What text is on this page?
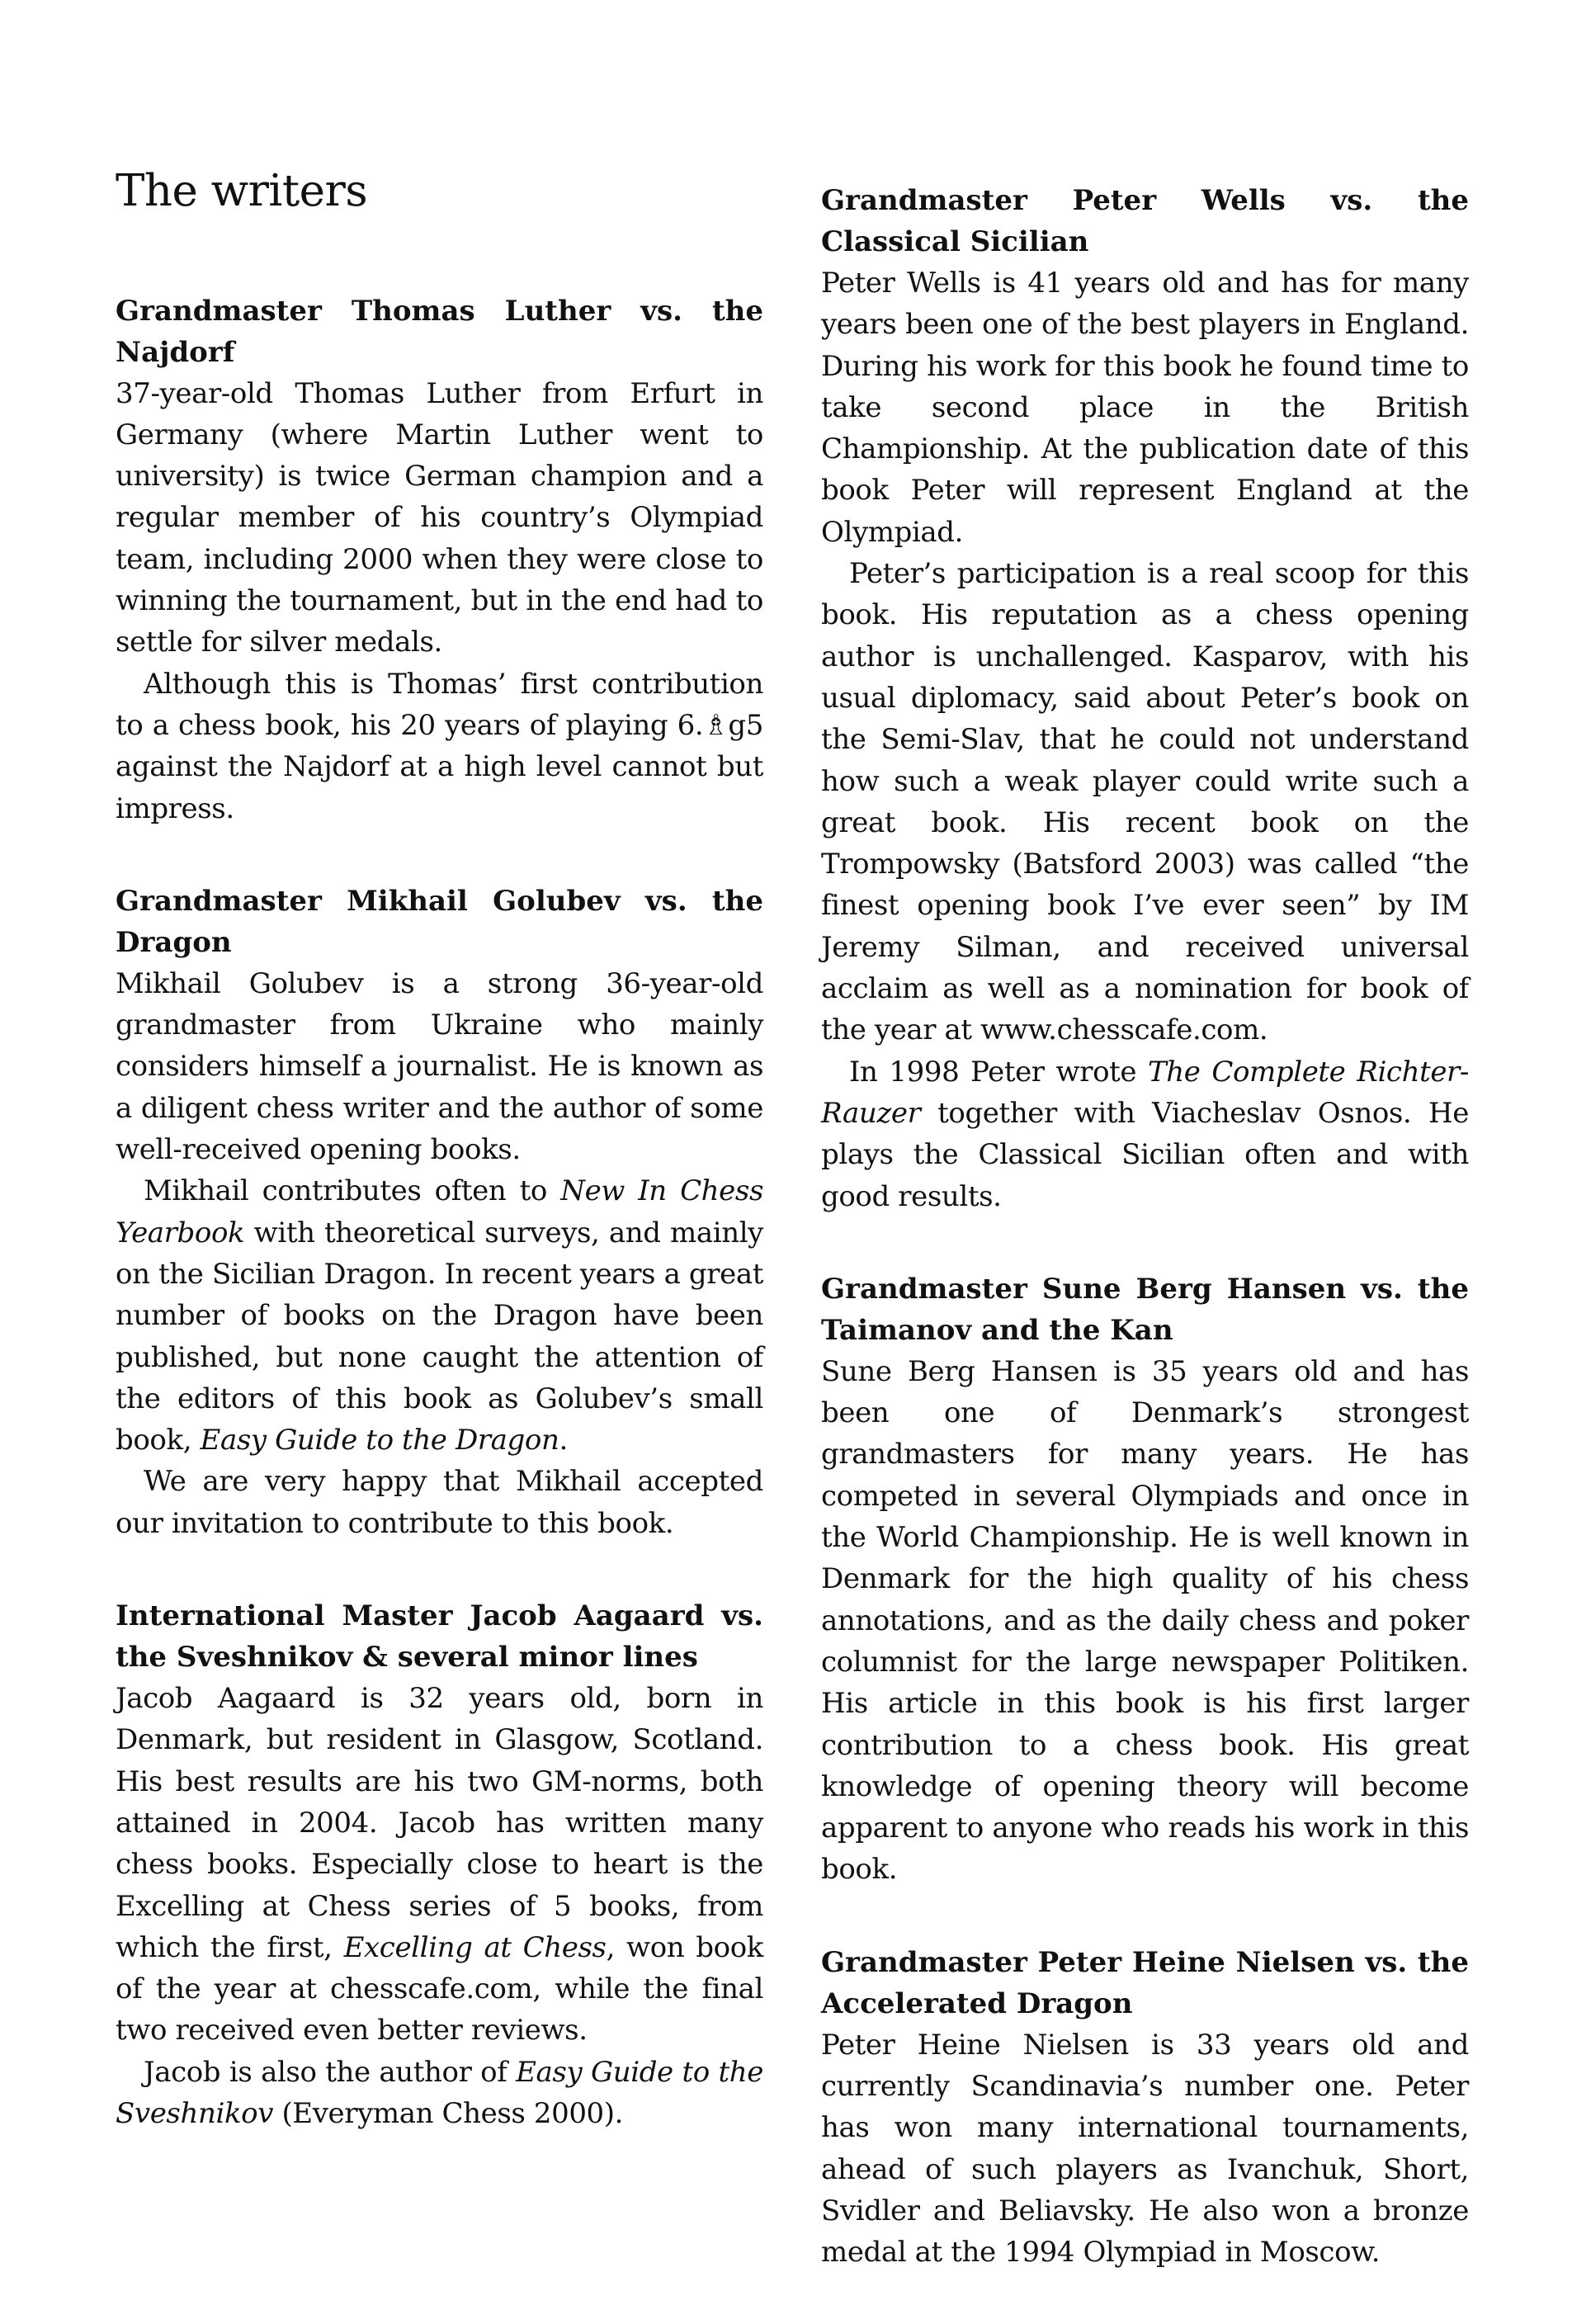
The writers
Grandmaster Thomas Luther vs. the Najdorf

37-year-old Thomas Luther from Erfurt in Germany (where Martin Luther went to university) is twice German champion and a regular member of his country’s Olympiad team, including 2000 when they were close to winning the tournament, but in the end had to settle for silver medals.

Although this is Thomas’ first contribution to a chess book, his 20 years of playing 6.♗g5 against the Najdorf at a high level cannot but impress.

Grandmaster Mikhail Golubev vs. the Dragon

Mikhail Golubev is a strong 36-year-old grandmaster from Ukraine who mainly considers himself a journalist. He is known as a diligent chess writer and the author of some well-received opening books.

Mikhail contributes often to New In Chess Yearbook with theoretical surveys, and mainly on the Sicilian Dragon. In recent years a great number of books on the Dragon have been published, but none caught the attention of the editors of this book as Golubev’s small book, Easy Guide to the Dragon.

We are very happy that Mikhail accepted our invitation to contribute to this book.

International Master Jacob Aagaard vs. the Sveshnikov & several minor lines

Jacob Aagaard is 32 years old, born in Denmark, but resident in Glasgow, Scotland. His best results are his two GM-norms, both attained in 2004. Jacob has written many chess books. Especially close to heart is the Excelling at Chess series of 5 books, from which the first, Excelling at Chess, won book of the year at chesscafe.com, while the final two received even better reviews.

Jacob is also the author of Easy Guide to the Sveshnikov (Everyman Chess 2000).

Grandmaster Peter Wells vs. the Classical Sicilian

Peter Wells is 41 years old and has for many years been one of the best players in England. During his work for this book he found time to take second place in the British Championship. At the publication date of this book Peter will represent England at the Olympiad.

Peter’s participation is a real scoop for this book. His reputation as a chess opening author is unchallenged. Kasparov, with his usual diplomacy, said about Peter’s book on the Semi-Slav, that he could not understand how such a weak player could write such a great book. His recent book on the Trompowsky (Batsford 2003) was called “the finest opening book I’ve ever seen” by IM Jeremy Silman, and received universal acclaim as well as a nomination for book of the year at www.chesscafe.com.

In 1998 Peter wrote The Complete Richter-Rauzer together with Viacheslav Osnos. He plays the Classical Sicilian often and with good results.

Grandmaster Sune Berg Hansen vs. the Taimanov and the Kan

Sune Berg Hansen is 35 years old and has been one of Denmark’s strongest grandmasters for many years. He has competed in several Olympiads and once in the World Championship. He is well known in Denmark for the high quality of his chess annotations, and as the daily chess and poker columnist for the large newspaper Politiken. His article in this book is his first larger contribution to a chess book. His great knowledge of opening theory will become apparent to anyone who reads his work in this book.

Grandmaster Peter Heine Nielsen vs. the Accelerated Dragon

Peter Heine Nielsen is 33 years old and currently Scandinavia’s number one. Peter has won many international tournaments, ahead of such players as Ivanchuk, Short, Svidler and Beliavsky. He also won a bronze medal at the 1994 Olympiad in Moscow.
